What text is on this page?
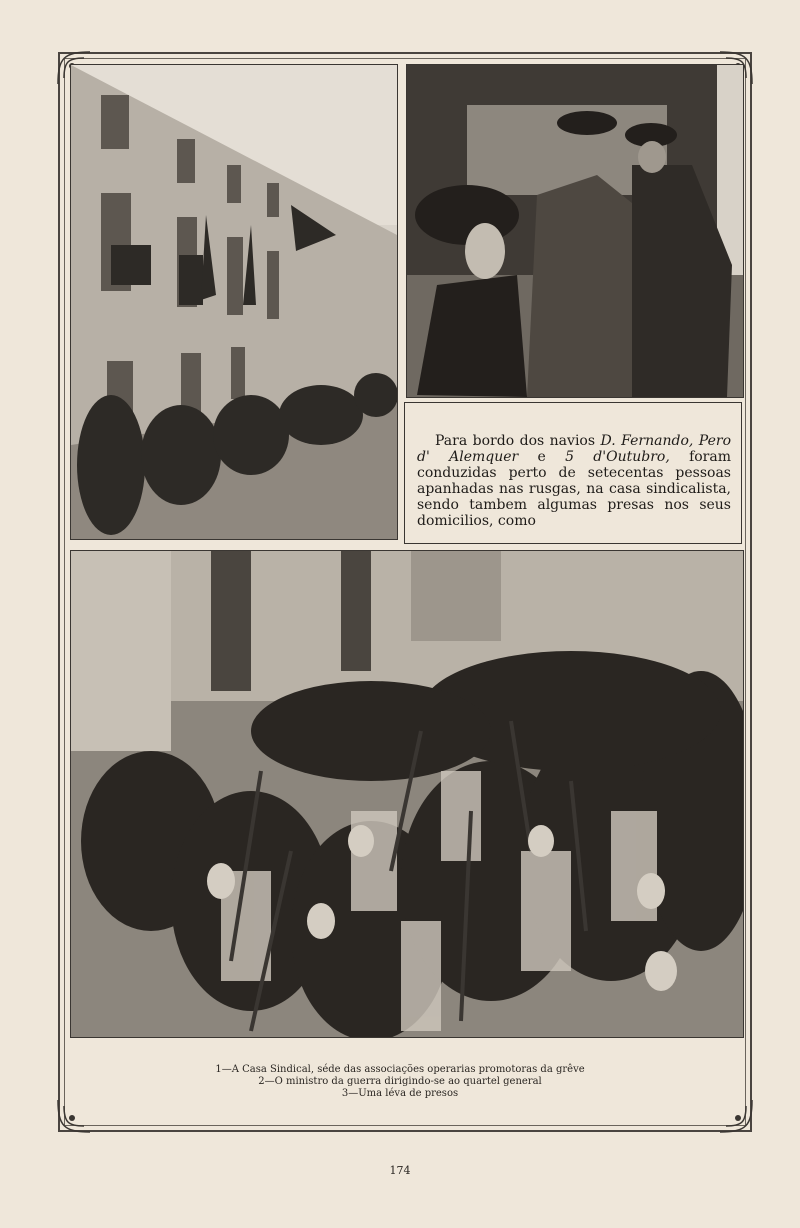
Para bordo dos navios D. Fernando, Pero d' Alemquer e 5 d'Outubro, foram conduzidas perto de setecentas pessoas apanhadas nas rusgas, na casa sindicalista, sendo tambem algumas presas nos seus domicilios, como

1—A Casa Sindical, séde das associações operarias promotoras da grêve
2—O ministro da guerra dirigindo-se ao quartel general
3—Uma léva de presos
174
